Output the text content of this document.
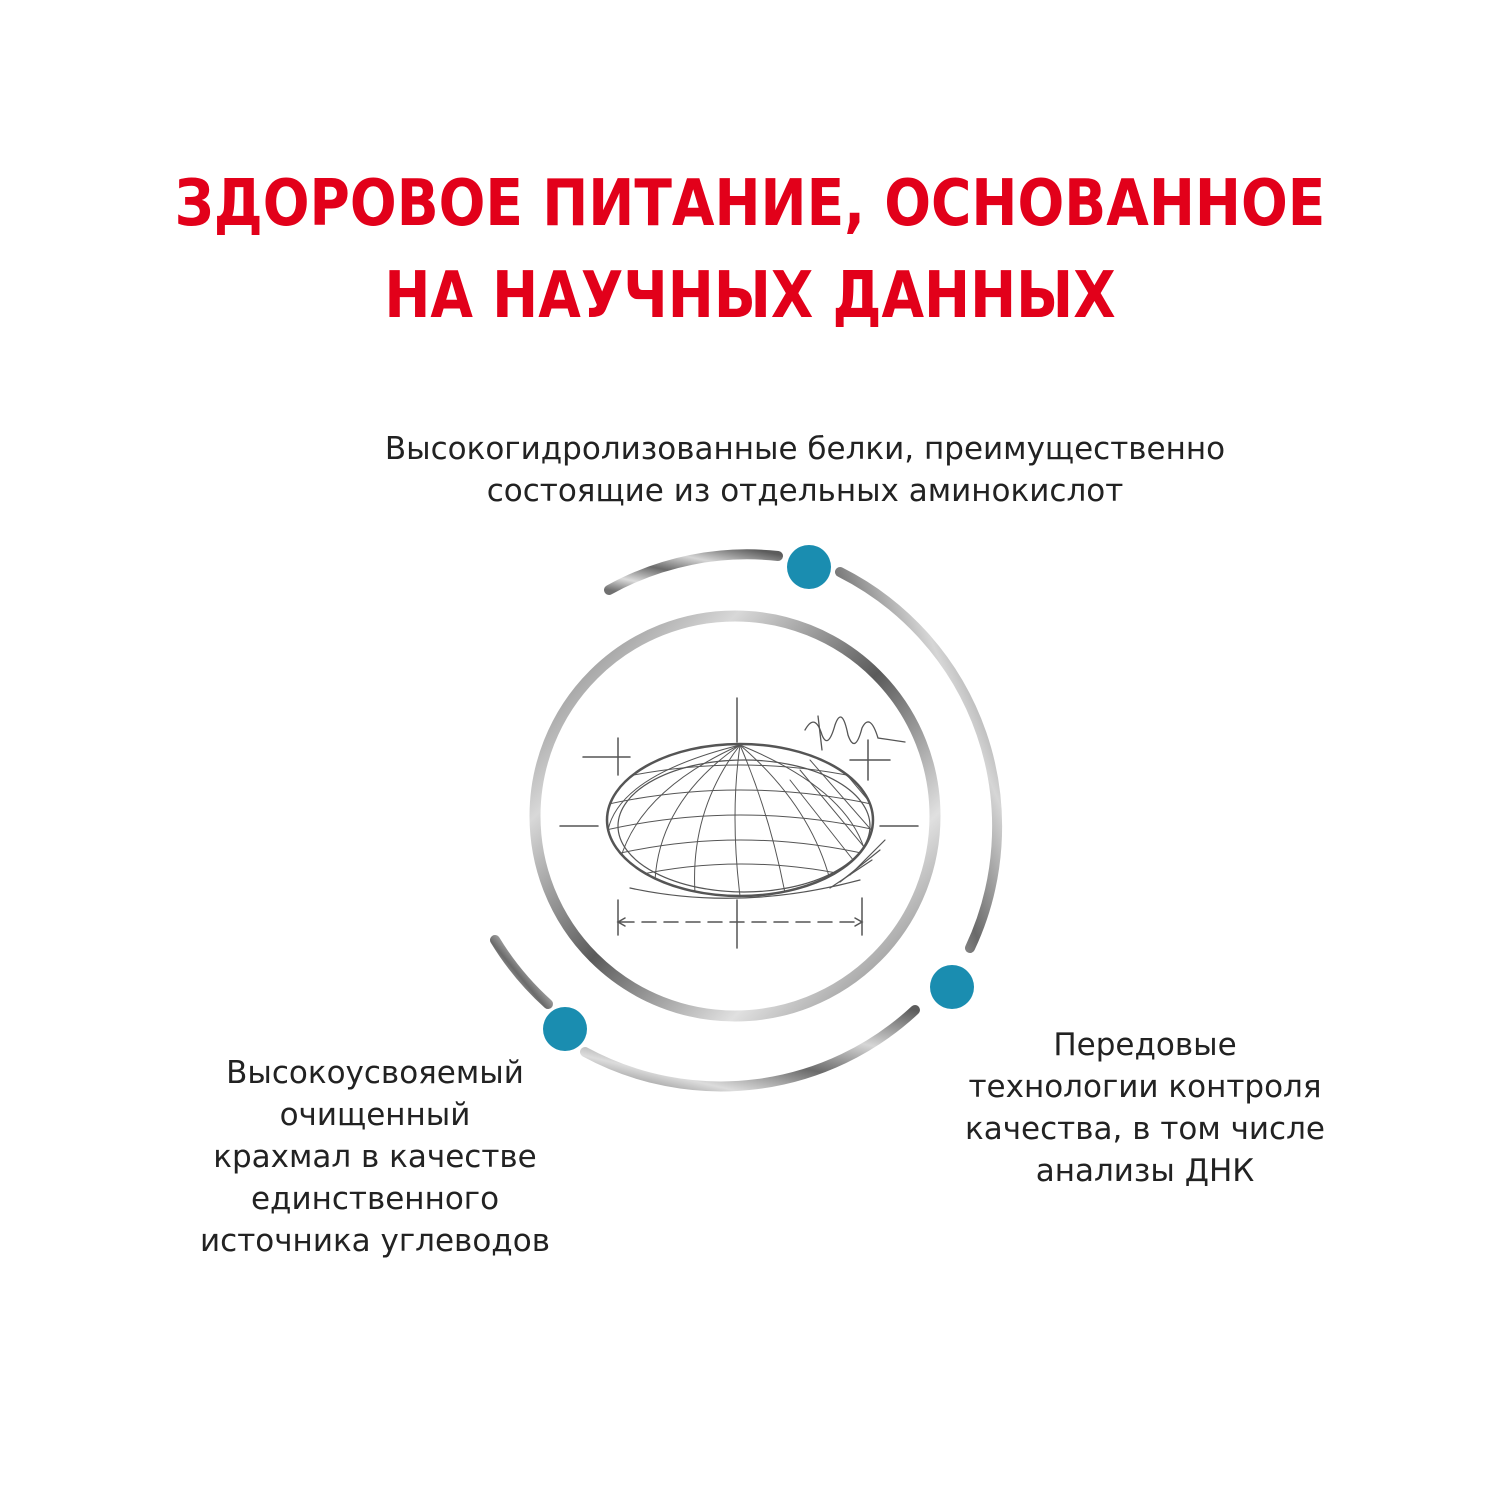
ЗДОРОВОЕ ПИТАНИЕ, ОСНОВАННОЕ
НА НАУЧНЫХ ДАННЫХ
Высокогидролизованные белки, преимущественно
состоящие из отдельных аминокислот
Высокоусвояемый
очищенный
крахмал в качестве
единственного
источника углеводов
Передовые
технологии контроля
качества, в том числе
анализы ДНК
